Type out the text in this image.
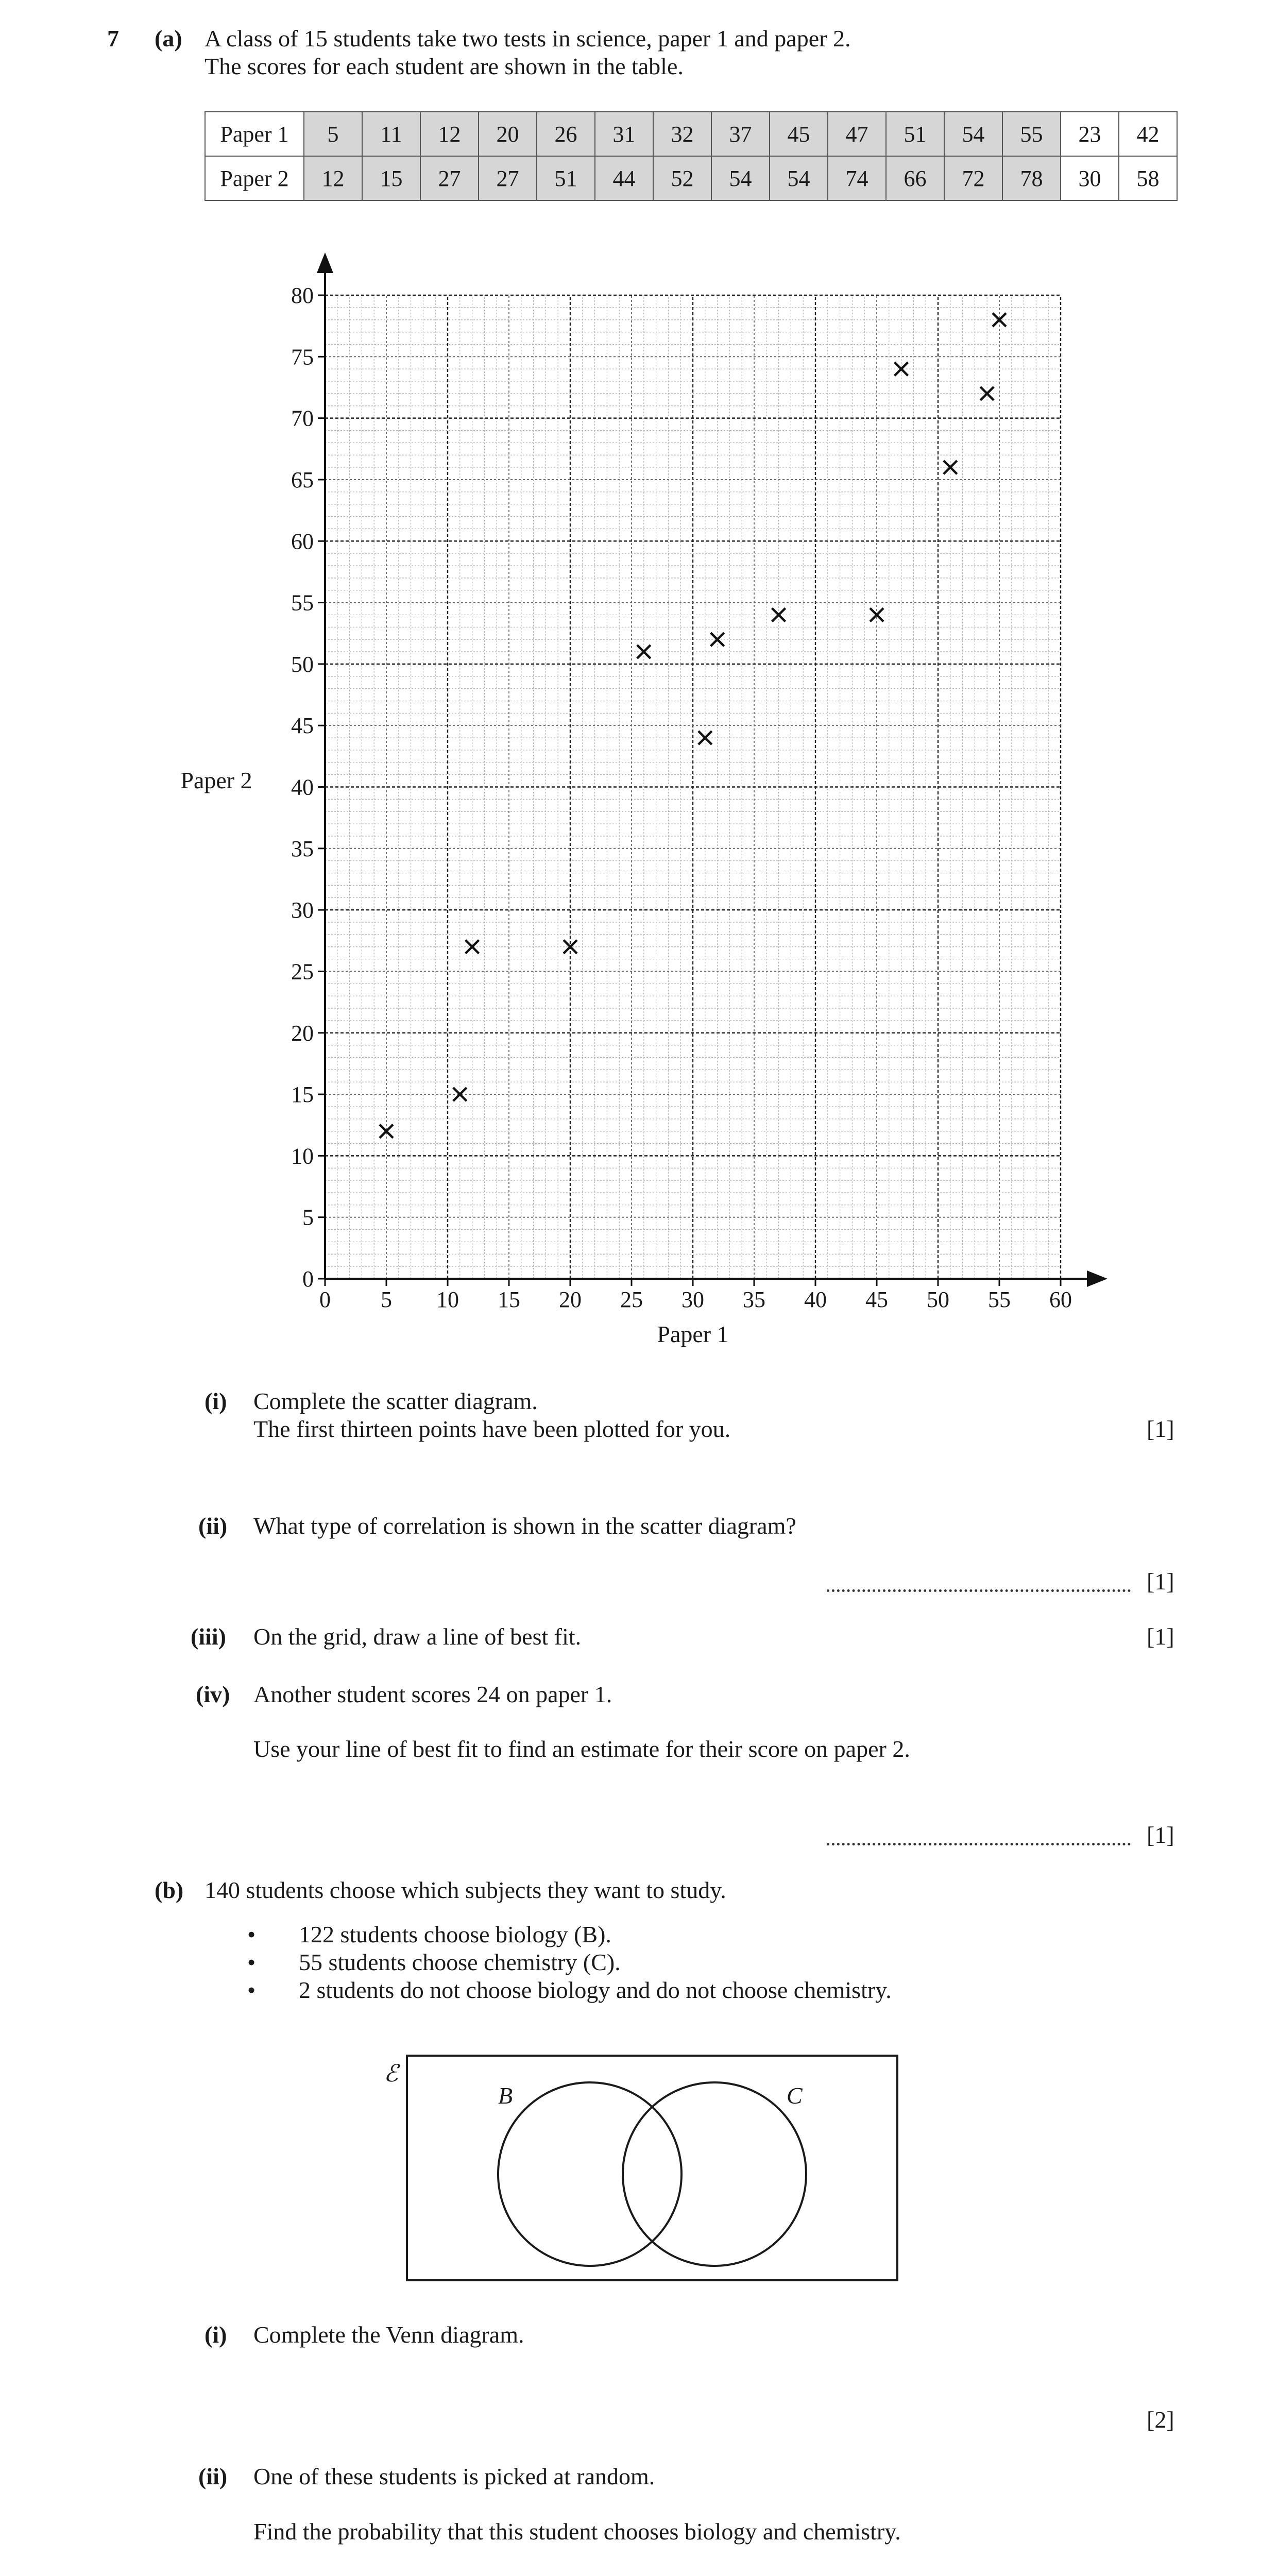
7 (a) A class of 15 students take two tests in science, paper 1 and paper 2.
The scores for each student are shown in the table.
Paper 1	5	11	12	20	26	31	32	37	45	47	51	54	55	23	42
Paper 2	12	15	27	27	51	44	52	54	54	74	66	72	78	30	58
0 5 10 15 20 25 30 35 40 45 50 55 60
0
5
10
15
20
25
30
35
40
45
50
55
60
65
70
75
80
Paper 1
Paper 2
(i) Complete the scatter diagram.
The first thirteen points have been plotted for you.	[1]
(ii) What type of correlation is shown in the scatter diagram?
[1]
(iii) On the grid, draw a line of best fit.	[1]
(iv) Another student scores 24 on paper 1.
Use your line of best fit to find an estimate for their score on paper 2.
[1]
(b) 140 students choose which subjects they want to study.
• 122 students choose biology (B).
• 55 students choose chemistry (C).
• 2 students do not choose biology and do not choose chemistry.
ℰ
B	C
(i) Complete the Venn diagram.
[2]
(ii) One of these students is picked at random.
Find the probability that this student chooses biology and chemistry.
